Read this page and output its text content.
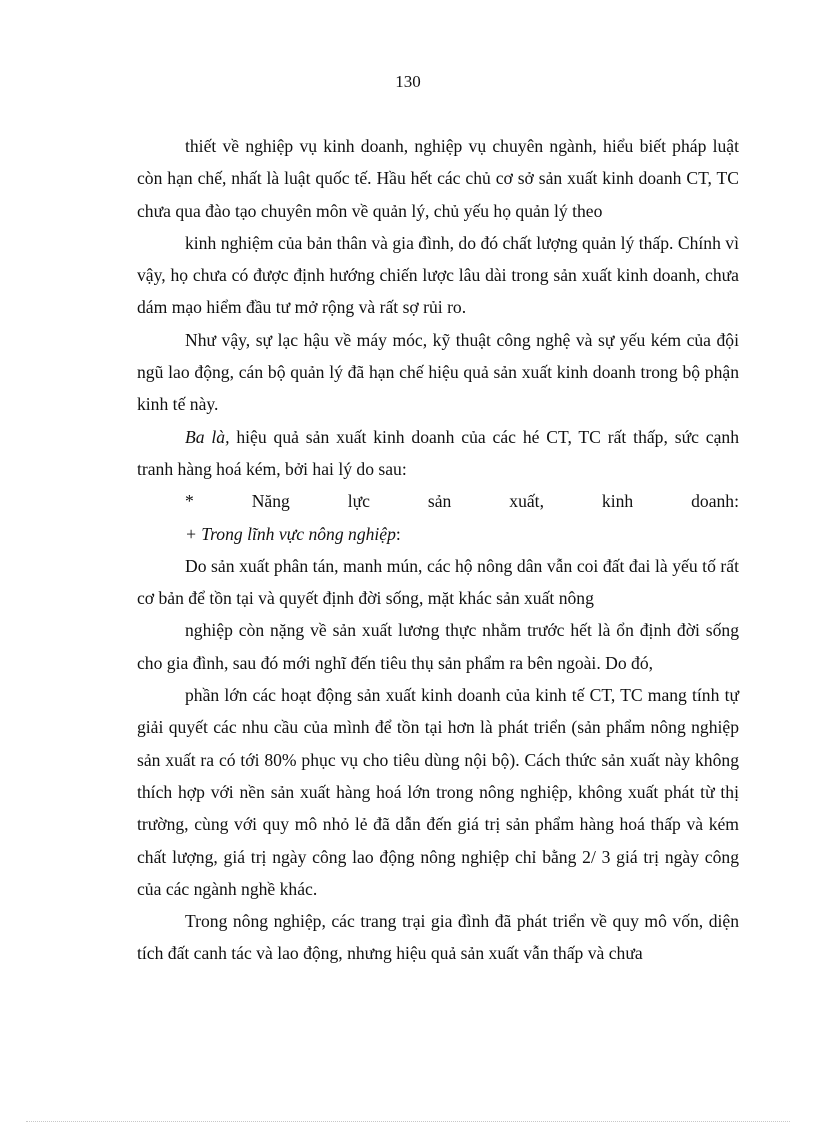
130

thiết về nghiệp vụ kinh doanh, nghiệp vụ chuyên ngành, hiểu biết pháp luật còn hạn chế, nhất là luật quốc tế. Hầu hết các chủ cơ sở sản xuất kinh doanh CT, TC chưa qua đào tạo chuyên môn về quản lý, chủ yếu họ quản lý theo

kinh nghiệm của bản thân và gia đình, do đó chất lượng quản lý thấp. Chính vì vậy, họ chưa có được định hướng chiến lược lâu dài trong sản xuất kinh doanh, chưa dám mạo hiểm đầu tư mở rộng và rất sợ rủi ro.

Như vậy, sự lạc hậu về máy móc, kỹ thuật công nghệ và sự yếu kém của đội ngũ lao động, cán bộ quản lý đã hạn chế hiệu quả sản xuất kinh doanh trong bộ phận kinh tế này.

Ba là, hiệu quả sản xuất kinh doanh của các hé CT, TC rất thấp, sức cạnh tranh hàng hoá kém, bởi hai lý do sau:

*	Năng	lực	sản	xuất,	kinh	doanh:

+ Trong lĩnh vực nông nghiệp:

Do sản xuất phân tán, manh mún, các hộ nông dân vẫn coi đất đai là yếu tố rất cơ bản để tồn tại và quyết định đời sống, mặt khác sản xuất nông

nghiệp còn nặng về sản xuất lương thực nhằm trước hết là ổn định đời sống cho gia đình, sau đó mới nghĩ đến tiêu thụ sản phẩm ra bên ngoài. Do đó,

phần lớn các hoạt động sản xuất kinh doanh của kinh tế CT, TC mang tính tự giải quyết các nhu cầu của mình để tồn tại hơn là phát triển (sản phẩm nông nghiệp sản xuất ra có tới 80% phục vụ cho tiêu dùng nội bộ). Cách thức sản xuất này không thích hợp với nền sản xuất hàng hoá lớn trong nông nghiệp, không xuất phát từ thị trường, cùng với quy mô nhỏ lẻ đã dẫn đến giá trị sản phẩm hàng hoá thấp và kém chất lượng, giá trị ngày công lao động nông nghiệp chỉ bằng 2/ 3 giá trị ngày công của các ngành nghề khác.

Trong nông nghiệp, các trang trại gia đình đã phát triển về quy mô vốn, diện tích đất canh tác và lao động, nhưng hiệu quả sản xuất vẫn thấp và chưa
